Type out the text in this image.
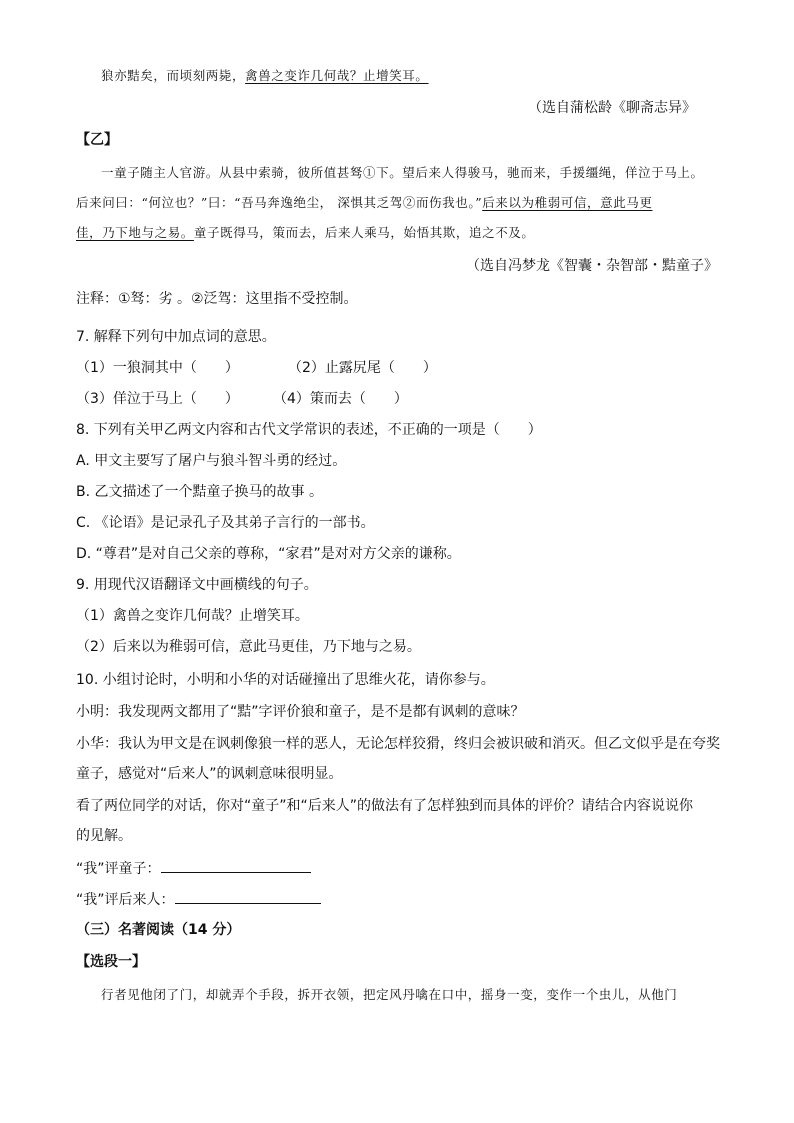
狼亦黠矣，而顷刻两毙，禽兽之变诈几何哉？止增笑耳。
（选自蒲松龄《聊斋志异》
【乙】
一童子随主人官游。从县中索骑，彼所值甚驽①下。望后来人得骏马，驰而来，手援缰绳，佯泣于马上。
后来问曰：“何泣也？”曰：“吾马奔逸绝尘， 深惧其乏驾②而伤我也。”后来以为稚弱可信，意此马更
佳，乃下地与之易。童子既得马，策而去，后来人乘马，始悟其欺，追之不及。
（选自冯梦龙《智囊・杂智部・黠童子》
注释：①驽：劣 。②泛驾：这里指不受控制。
7. 解释下列句中加点词的意思。
（1）一狼洞其中（　　）	（2）止露尻尾（　　）
（3）佯泣于马上（　　） （4）策而去（　　）
8. 下列有关甲乙两文内容和古代文学常识的表述，不正确的一项是（　　）
A. 甲文主要写了屠户与狼斗智斗勇的经过。
B. 乙文描述了一个黠童子换马的故事 。
C. 《论语》是记录孔子及其弟子言行的一部书。
D. “尊君”是对自己父亲的尊称，“家君”是对对方父亲的谦称。
9. 用现代汉语翻译文中画横线的句子。
（1）禽兽之变诈几何哉？止增笑耳。
（2）后来以为稚弱可信，意此马更佳，乃下地与之易。
10. 小组讨论时，小明和小华的对话碰撞出了思维火花，请你参与。
小明：我发现两文都用了“黠”字评价狼和童子，是不是都有讽刺的意味？
小华：我认为甲文是在讽刺像狼一样的恶人，无论怎样狡猾，终归会被识破和消灭。但乙文似乎是在夸奖
童子，感觉对“后来人”的讽刺意味很明显。
看了两位同学的对话，你对“童子”和“后来人”的做法有了怎样独到而具体的评价？请结合内容说说你
的见解。
“我”评童子：
“我”评后来人：
（三）名著阅读（14 分）
【选段一】
行者见他闭了门，却就弄个手段，拆开衣领，把定风丹噙在口中，摇身一变，变作一个虫儿，从他门
